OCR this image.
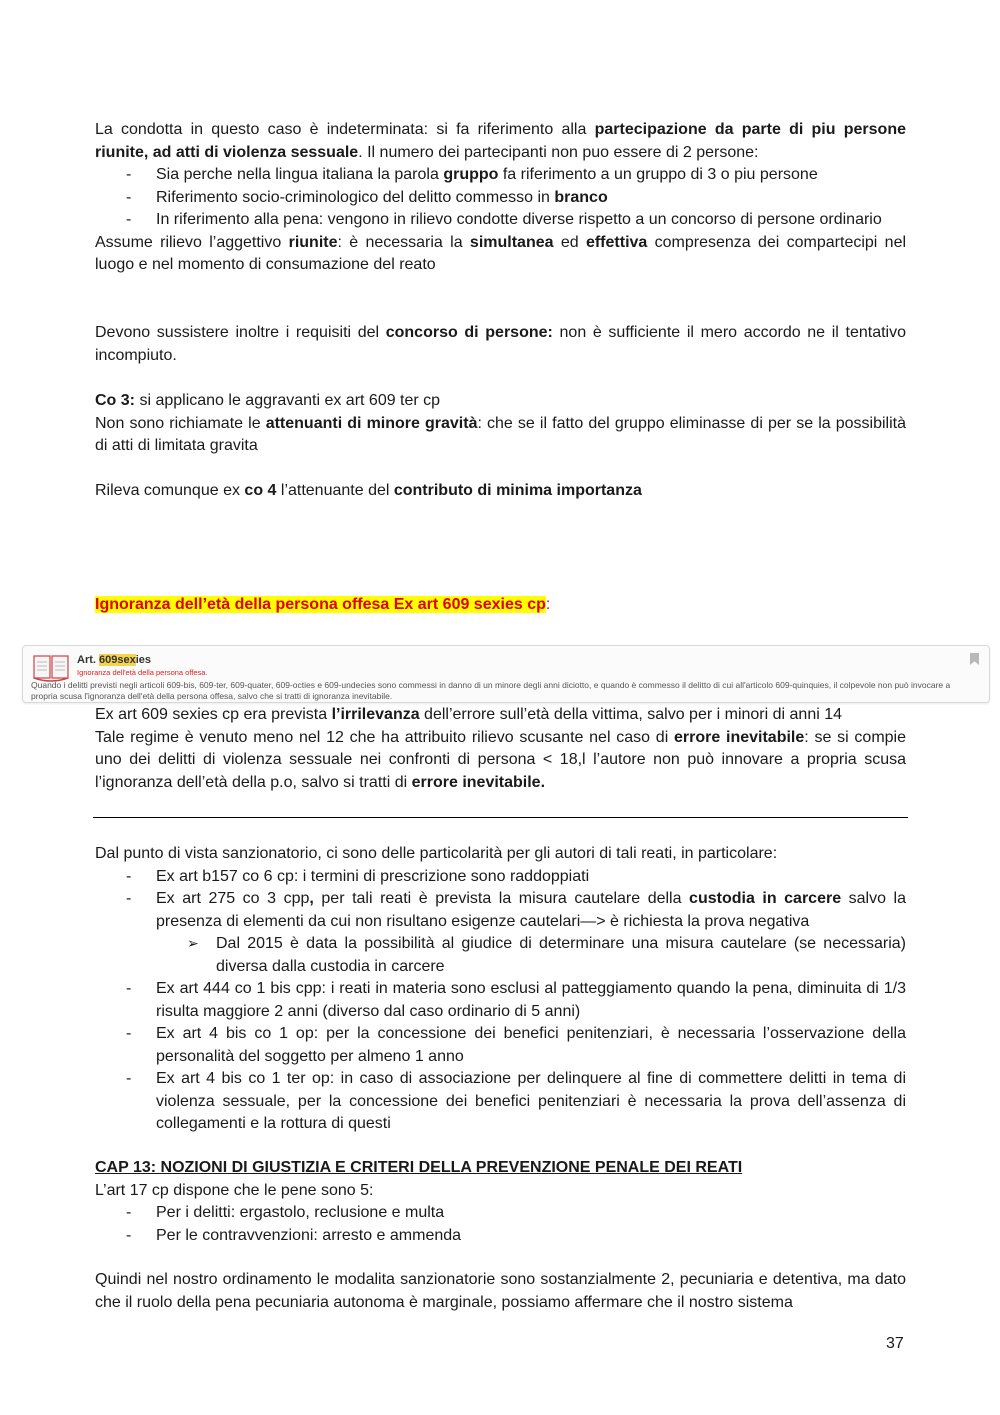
La condotta in questo caso è indeterminata: si fa riferimento alla partecipazione da parte di piu persone
riunite, ad atti di violenza sessuale. Il numero dei partecipanti non puo essere di 2 persone:
- Sia perche nella lingua italiana la parola gruppo fa riferimento a un gruppo di 3 o piu persone
- Riferimento socio-criminologico del delitto commesso in branco
- In riferimento alla pena: vengono in rilievo condotte diverse rispetto a un concorso di persone ordinario
Assume rilievo l’aggettivo riunite: è necessaria la simultanea ed effettiva compresenza dei compartecipi nel luogo e nel momento di consumazione del reato
Devono sussistere inoltre i requisiti del concorso di persone: non è sufficiente il mero accordo ne il tentativo incompiuto.
Co 3: si applicano le aggravanti ex art 609 ter cp
Non sono richiamate le attenuanti di minore gravità: che se il fatto del gruppo eliminasse di per se la possibilità di atti di limitata gravita
Rileva comunque ex co 4 l’attenuante del contributo di minima importanza
Ignoranza dell’età della persona offesa Ex art 609 sexies cp:
Art. 609sexies
Ignoranza dell'età della persona offesa.
Quando i delitti previsti negli articoli 609-bis, 609-ter, 609-quater, 609-octies e 609-undecies sono commessi in danno di un minore degli anni diciotto, e quando è commesso il delitto di cui all'articolo 609-quinquies, il colpevole non può invocare a propria scusa l'ignoranza dell'età della persona offesa, salvo che si tratti di ignoranza inevitabile.
Ex art 609 sexies cp era prevista l’irrilevanza dell’errore sull’età della vittima, salvo per i minori di anni 14
Tale regime è venuto meno nel 12 che ha attribuito rilievo scusante nel caso di errore inevitabile: se si compie uno dei delitti di violenza sessuale nei confronti di persona < 18,l l’autore non può innovare a propria scusa l’ignoranza dell’età della p.o, salvo si tratti di errore inevitabile.
Dal punto di vista sanzionatorio, ci sono delle particolarità per gli autori di tali reati, in particolare:
- Ex art b157 co 6 cp: i termini di prescrizione sono raddoppiati
- Ex art 275 co 3 cpp, per tali reati è prevista la misura cautelare della custodia in carcere salvo la presenza di elementi da cui non risultano esigenze cautelari—> è richiesta la prova negativa
➢ Dal 2015 è data la possibilità al giudice di determinare una misura cautelare (se necessaria) diversa dalla custodia in carcere
- Ex art 444 co 1 bis cpp: i reati in materia sono esclusi al patteggiamento quando la pena, diminuita di 1/3 risulta maggiore 2 anni (diverso dal caso ordinario di 5 anni)
- Ex art 4 bis co 1 op: per la concessione dei benefici penitenziari, è necessaria l’osservazione della personalità del soggetto per almeno 1 anno
- Ex art 4 bis co 1 ter op: in caso di associazione per delinquere al fine di commettere delitti in tema di violenza sessuale, per la concessione dei benefici penitenziari è necessaria la prova dell’assenza di collegamenti e la rottura di questi
CAP 13: NOZIONI DI GIUSTIZIA E CRITERI DELLA PREVENZIONE PENALE DEI REATI
L’art 17 cp dispone che le pene sono 5:
- Per i delitti: ergastolo, reclusione e multa
- Per le contravvenzioni: arresto e ammenda
Quindi nel nostro ordinamento le modalita sanzionatorie sono sostanzialmente 2, pecuniaria e detentiva, ma dato che il ruolo della pena pecuniaria autonoma è marginale, possiamo affermare che il nostro sistema
37
